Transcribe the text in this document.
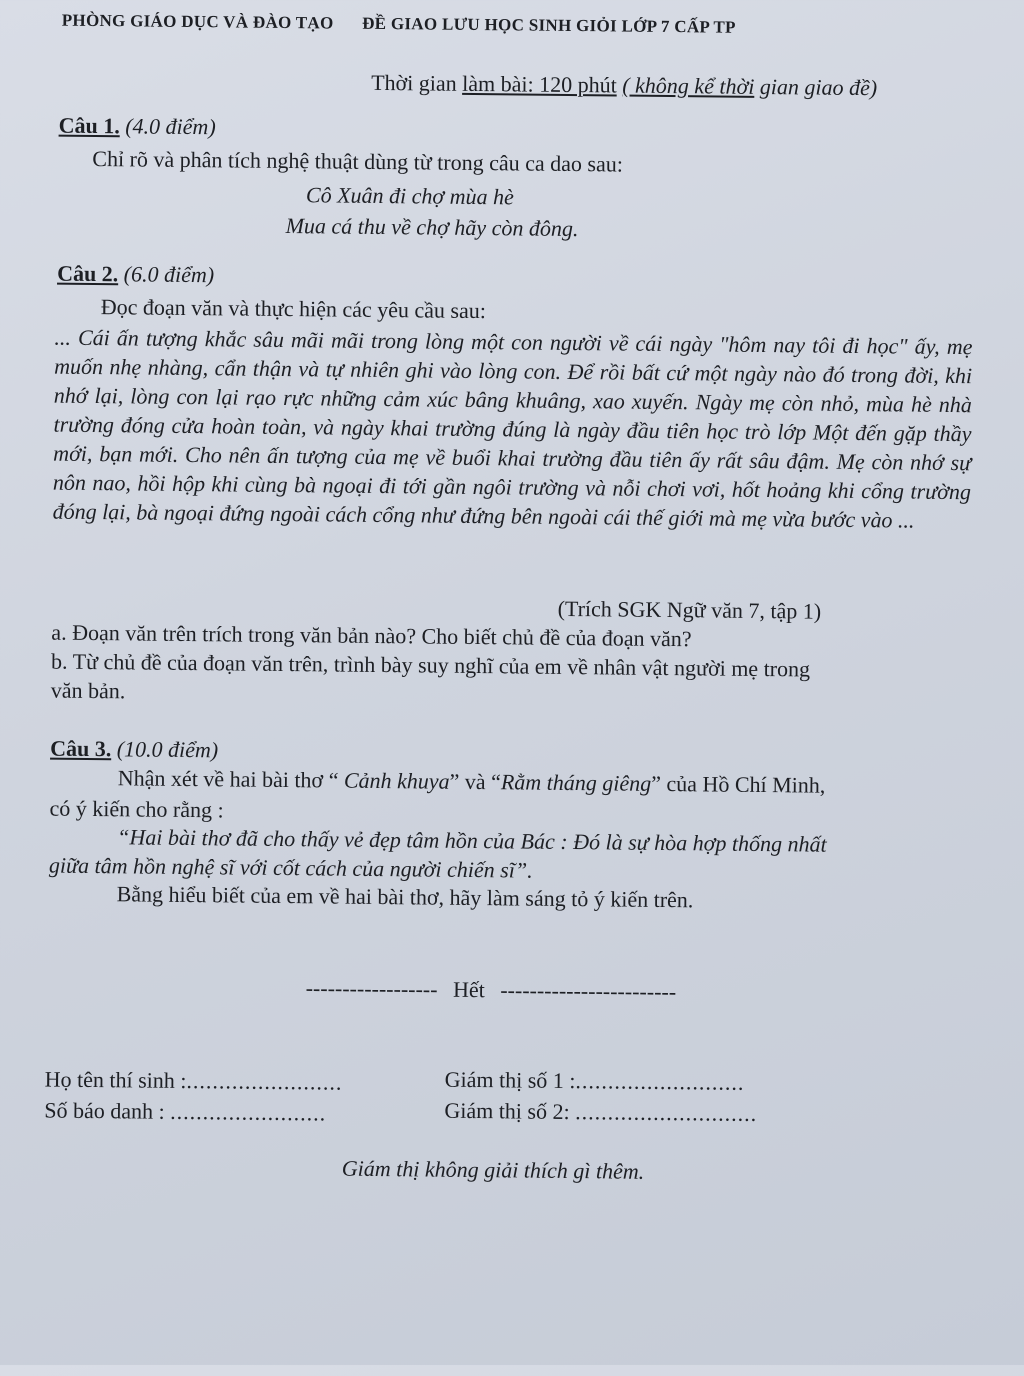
PHÒNG GIÁO DỤC VÀ ĐÀO TẠO ĐỀ GIAO LƯU HỌC SINH GIỎI LỚP 7 CẤP TP
Thời gian làm bài: 120 phút ( không kể thời gian giao đề)
Câu 1. (4.0 điểm)
Chỉ rõ và phân tích nghệ thuật dùng từ trong câu ca dao sau:
Cô Xuân đi chợ mùa hè
Mua cá thu về chợ hãy còn đông.
Câu 2. (6.0 điểm)
Đọc đoạn văn và thực hiện các yêu cầu sau:
... Cái ấn tượng khắc sâu mãi mãi trong lòng một con người về cái ngày "hôm nay tôi đi học" ấy, mẹ muốn nhẹ nhàng, cẩn thận và tự nhiên ghi vào lòng con. Để rồi bất cứ một ngày nào đó trong đời, khi nhớ lại, lòng con lại rạo rực những cảm xúc bâng khuâng, xao xuyến. Ngày mẹ còn nhỏ, mùa hè nhà trường đóng cửa hoàn toàn, và ngày khai trường đúng là ngày đầu tiên học trò lớp Một đến gặp thầy mới, bạn mới. Cho nên ấn tượng của mẹ về buổi khai trường đầu tiên ấy rất sâu đậm. Mẹ còn nhớ sự nôn nao, hồi hộp khi cùng bà ngoại đi tới gần ngôi trường và nỗi chơi vơi, hốt hoảng khi cổng trường đóng lại, bà ngoại đứng ngoài cách cổng như đứng bên ngoài cái thế giới mà mẹ vừa bước vào ...
(Trích SGK Ngữ văn 7, tập 1)
a. Đoạn văn trên trích trong văn bản nào? Cho biết chủ đề của đoạn văn?
b. Từ chủ đề của đoạn văn trên, trình bày suy nghĩ của em về nhân vật người mẹ trong
văn bản.
Câu 3. (10.0 điểm)
Nhận xét về hai bài thơ “ Cảnh khuya” và “Rằm tháng giêng” của Hồ Chí Minh,
có ý kiến cho rằng :
“Hai bài thơ đã cho thấy vẻ đẹp tâm hồn của Bác : Đó là sự hòa hợp thống nhất
giữa tâm hồn nghệ sĩ với cốt cách của người chiến sĩ”.
Bằng hiểu biết của em về hai bài thơ, hãy làm sáng tỏ ý kiến trên.
------------------ Hết ------------------------
Họ tên thí sinh :........................
Số báo danh : ........................
Giám thị số 1 :..........................
Giám thị số 2: ............................
Giám thị không giải thích gì thêm.
